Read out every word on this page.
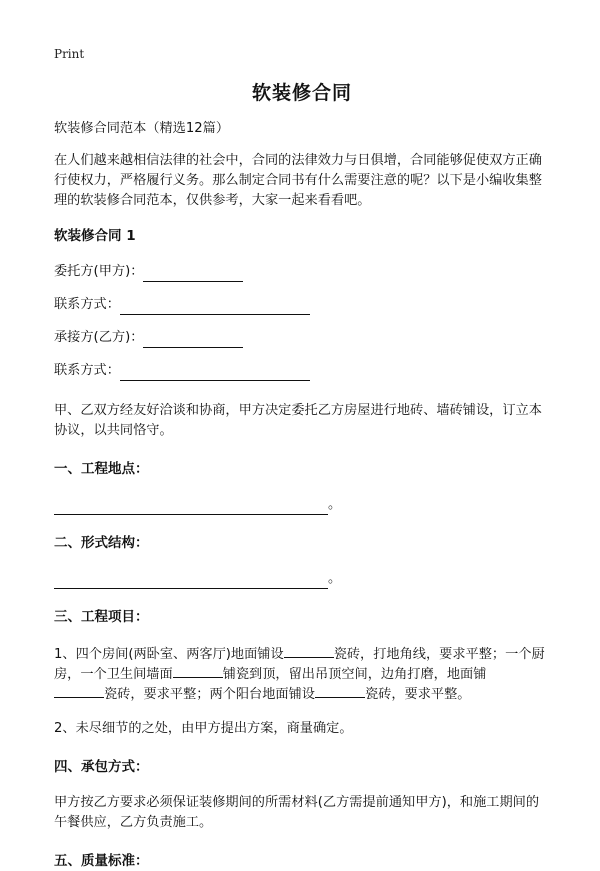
Print
软装修合同

软装修合同范本（精选12篇）

在人们越来越相信法律的社会中，合同的法律效力与日俱增，合同能够促使双方正确行使权力，严格履行义务。那么制定合同书有什么需要注意的呢？以下是小编收集整理的软装修合同范本，仅供参考，大家一起来看看吧。

软装修合同 1

委托方(甲方)：
联系方式：
承接方(乙方)：
联系方式：

甲、乙双方经友好洽谈和协商，甲方决定委托乙方房屋进行地砖、墙砖铺设，订立本协议，以共同恪守。

一、工程地点：

。

二、形式结构：

。

三、工程项目：

1、四个房间(两卧室、两客厅)地面铺设	瓷砖，打地角线，要求平整；一个厨房，一个卫生间墙面	铺瓷到顶，留出吊顶空间，边角打磨，地面铺
瓷砖，要求平整；两个阳台地面铺设	瓷砖，要求平整。

2、未尽细节的之处，由甲方提出方案，商量确定。

四、承包方式：

甲方按乙方要求必须保证装修期间的所需材料(乙方需提前通知甲方)，和施工期间的午餐供应，乙方负责施工。

五、质量标准：
